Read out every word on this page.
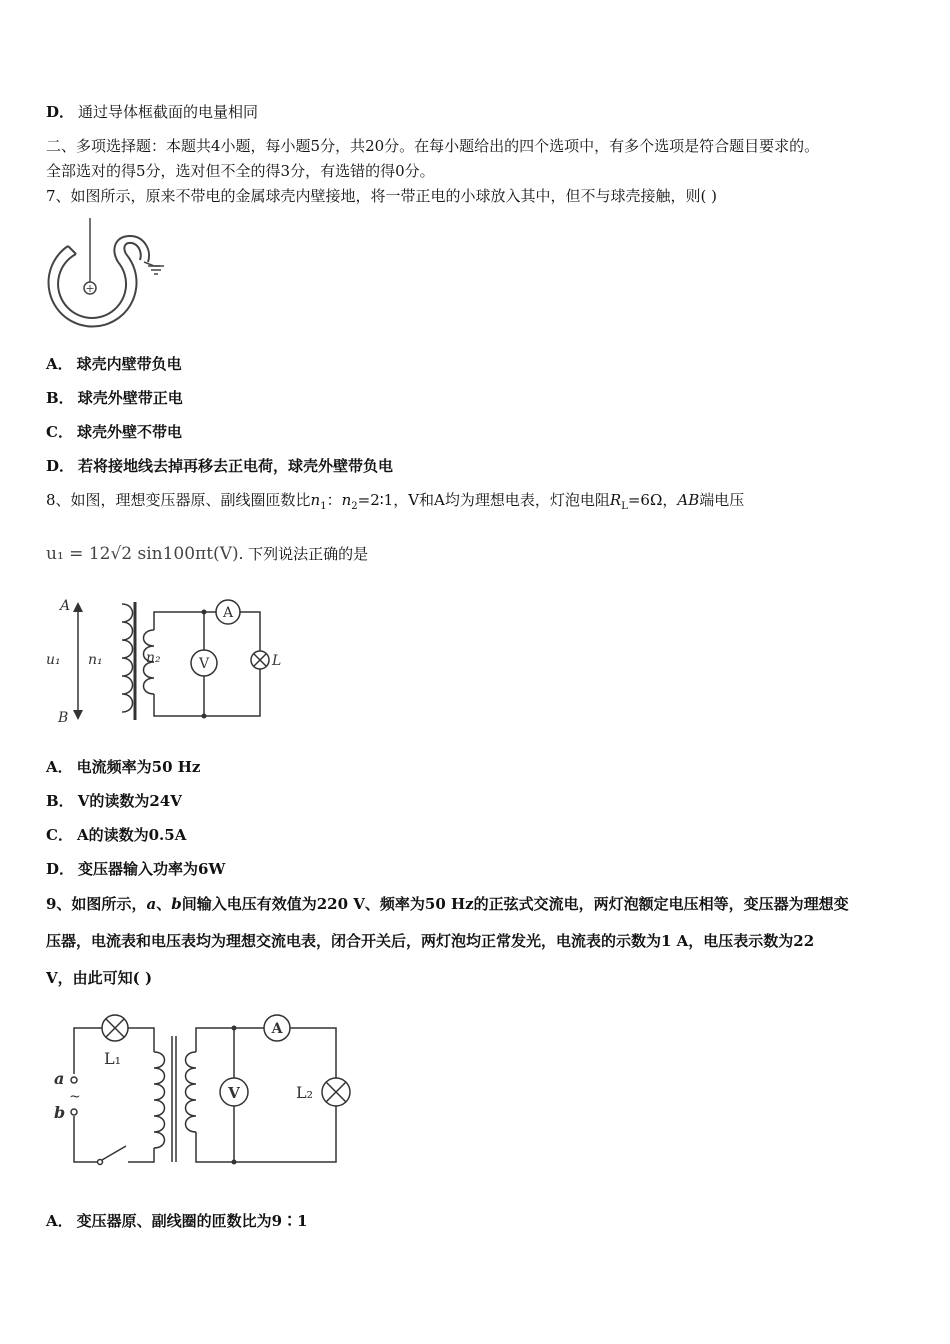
D． 通过导体框截面的电量相同
二、多项选择题：本题共4小题，每小题5分，共20分。在每小题给出的四个选项中，有多个选项是符合题目要求的。
全部选对的得5分，选对但不全的得3分，有选错的得0分。
7、如图所示，原来不带电的金属球壳内壁接地，将一带正电的小球放入其中，但不与球壳接触，则( )
+
A． 球壳内壁带负电
B． 球壳外壁带正电
C． 球壳外壁不带电
D． 若将接地线去掉再移去正电荷，球壳外壁带负电
8、如图，理想变压器原、副线圈匝数比$n_1$：$n_2=2∶1$，V和A均为理想电表，灯泡电阻$R_L=6\Omega$，AB端电压
u₁ = 12√2 sin100πt(V). 下列说法正确的是
A
B
u₁ n₁	n₂
A
V	L
A． 电流频率为50 Hz
B． V的读数为24V
C． A的读数为0.5A
D． 变压器输入功率为6W
9、如图所示，a、b间输入电压有效值为220 V、频率为50 Hz的正弦式交流电，两灯泡额定电压相等，变压器为理想变
压器，电流表和电压表均为理想交流电表，闭合开关后，两灯泡均正常发光，电流表的示数为1 A，电压表示数为22
V，由此可知( )
a
b
~
L₁
A
V	L₂
A． 变压器原、副线圈的匝数比为9∶1
